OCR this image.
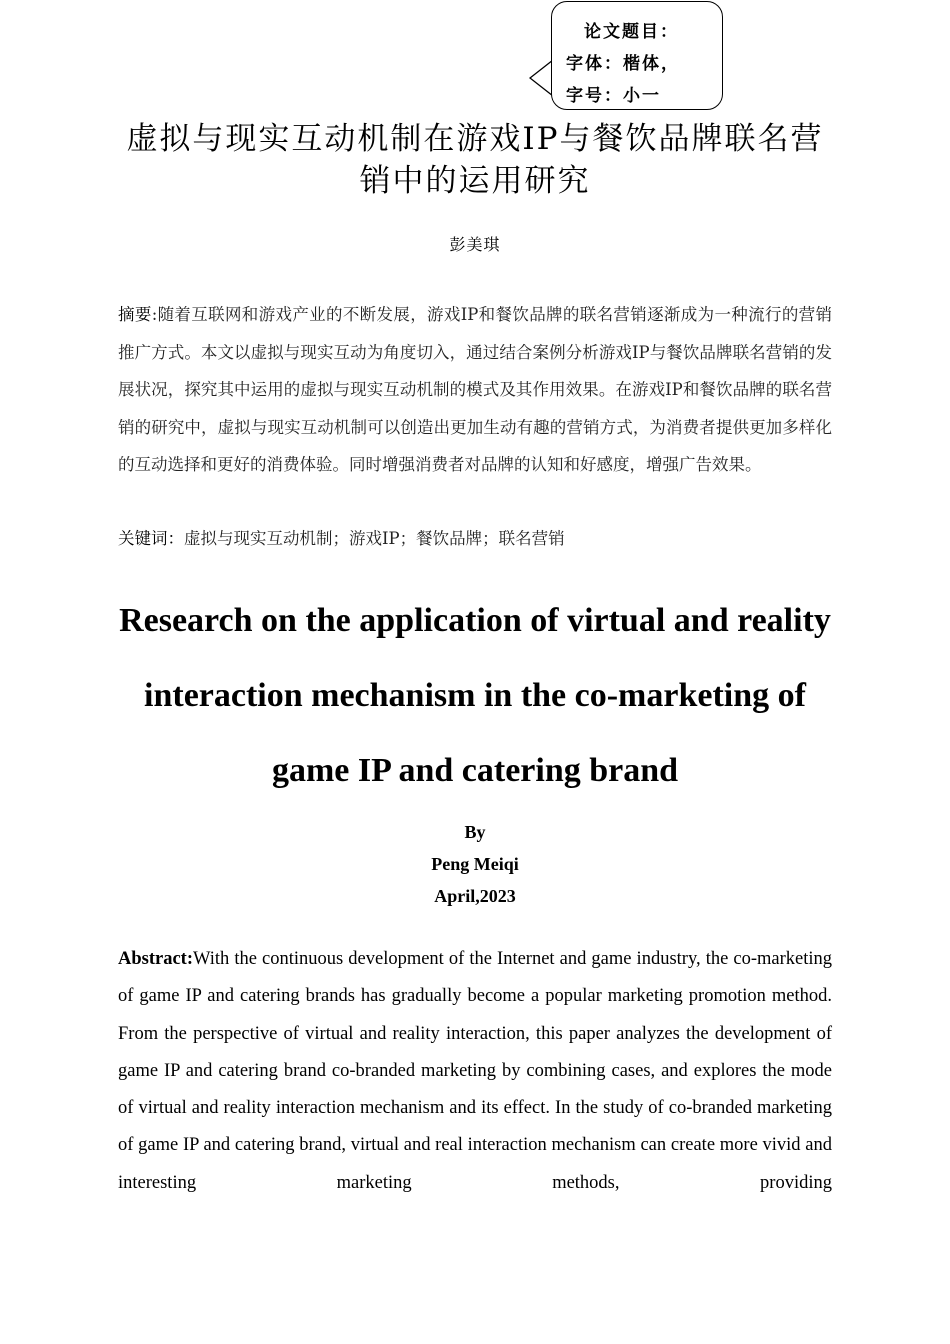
论文题目：
字体：楷体，
字号：小一
虚拟与现实互动机制在游戏IP与餐饮品牌联名营销中的运用研究
彭美琪
摘要:随着互联网和游戏产业的不断发展，游戏IP和餐饮品牌的联名营销逐渐成为一种流行的营销推广方式。本文以虚拟与现实互动为角度切入，通过结合案例分析游戏IP与餐饮品牌联名营销的发展状况，探究其中运用的虚拟与现实互动机制的模式及其作用效果。在游戏IP和餐饮品牌的联名营销的研究中，虚拟与现实互动机制可以创造出更加生动有趣的营销方式，为消费者提供更加多样化的互动选择和更好的消费体验。同时增强消费者对品牌的认知和好感度，增强广告效果。
关键词：虚拟与现实互动机制；游戏IP；餐饮品牌；联名营销
Research on the application of virtual and reality interaction mechanism in the co-marketing of game IP and catering brand
By
Peng Meiqi
April,2023
Abstract:With the continuous development of the Internet and game industry, the co-marketing of game IP and catering brands has gradually become a popular marketing promotion method. From the perspective of virtual and reality interaction, this paper analyzes the development of game IP and catering brand co-branded marketing by combining cases, and explores the mode of virtual and reality interaction mechanism and its effect. In the study of co-branded marketing of game IP and catering brand, virtual and real interaction mechanism can create more vivid and interesting marketing methods, providing
